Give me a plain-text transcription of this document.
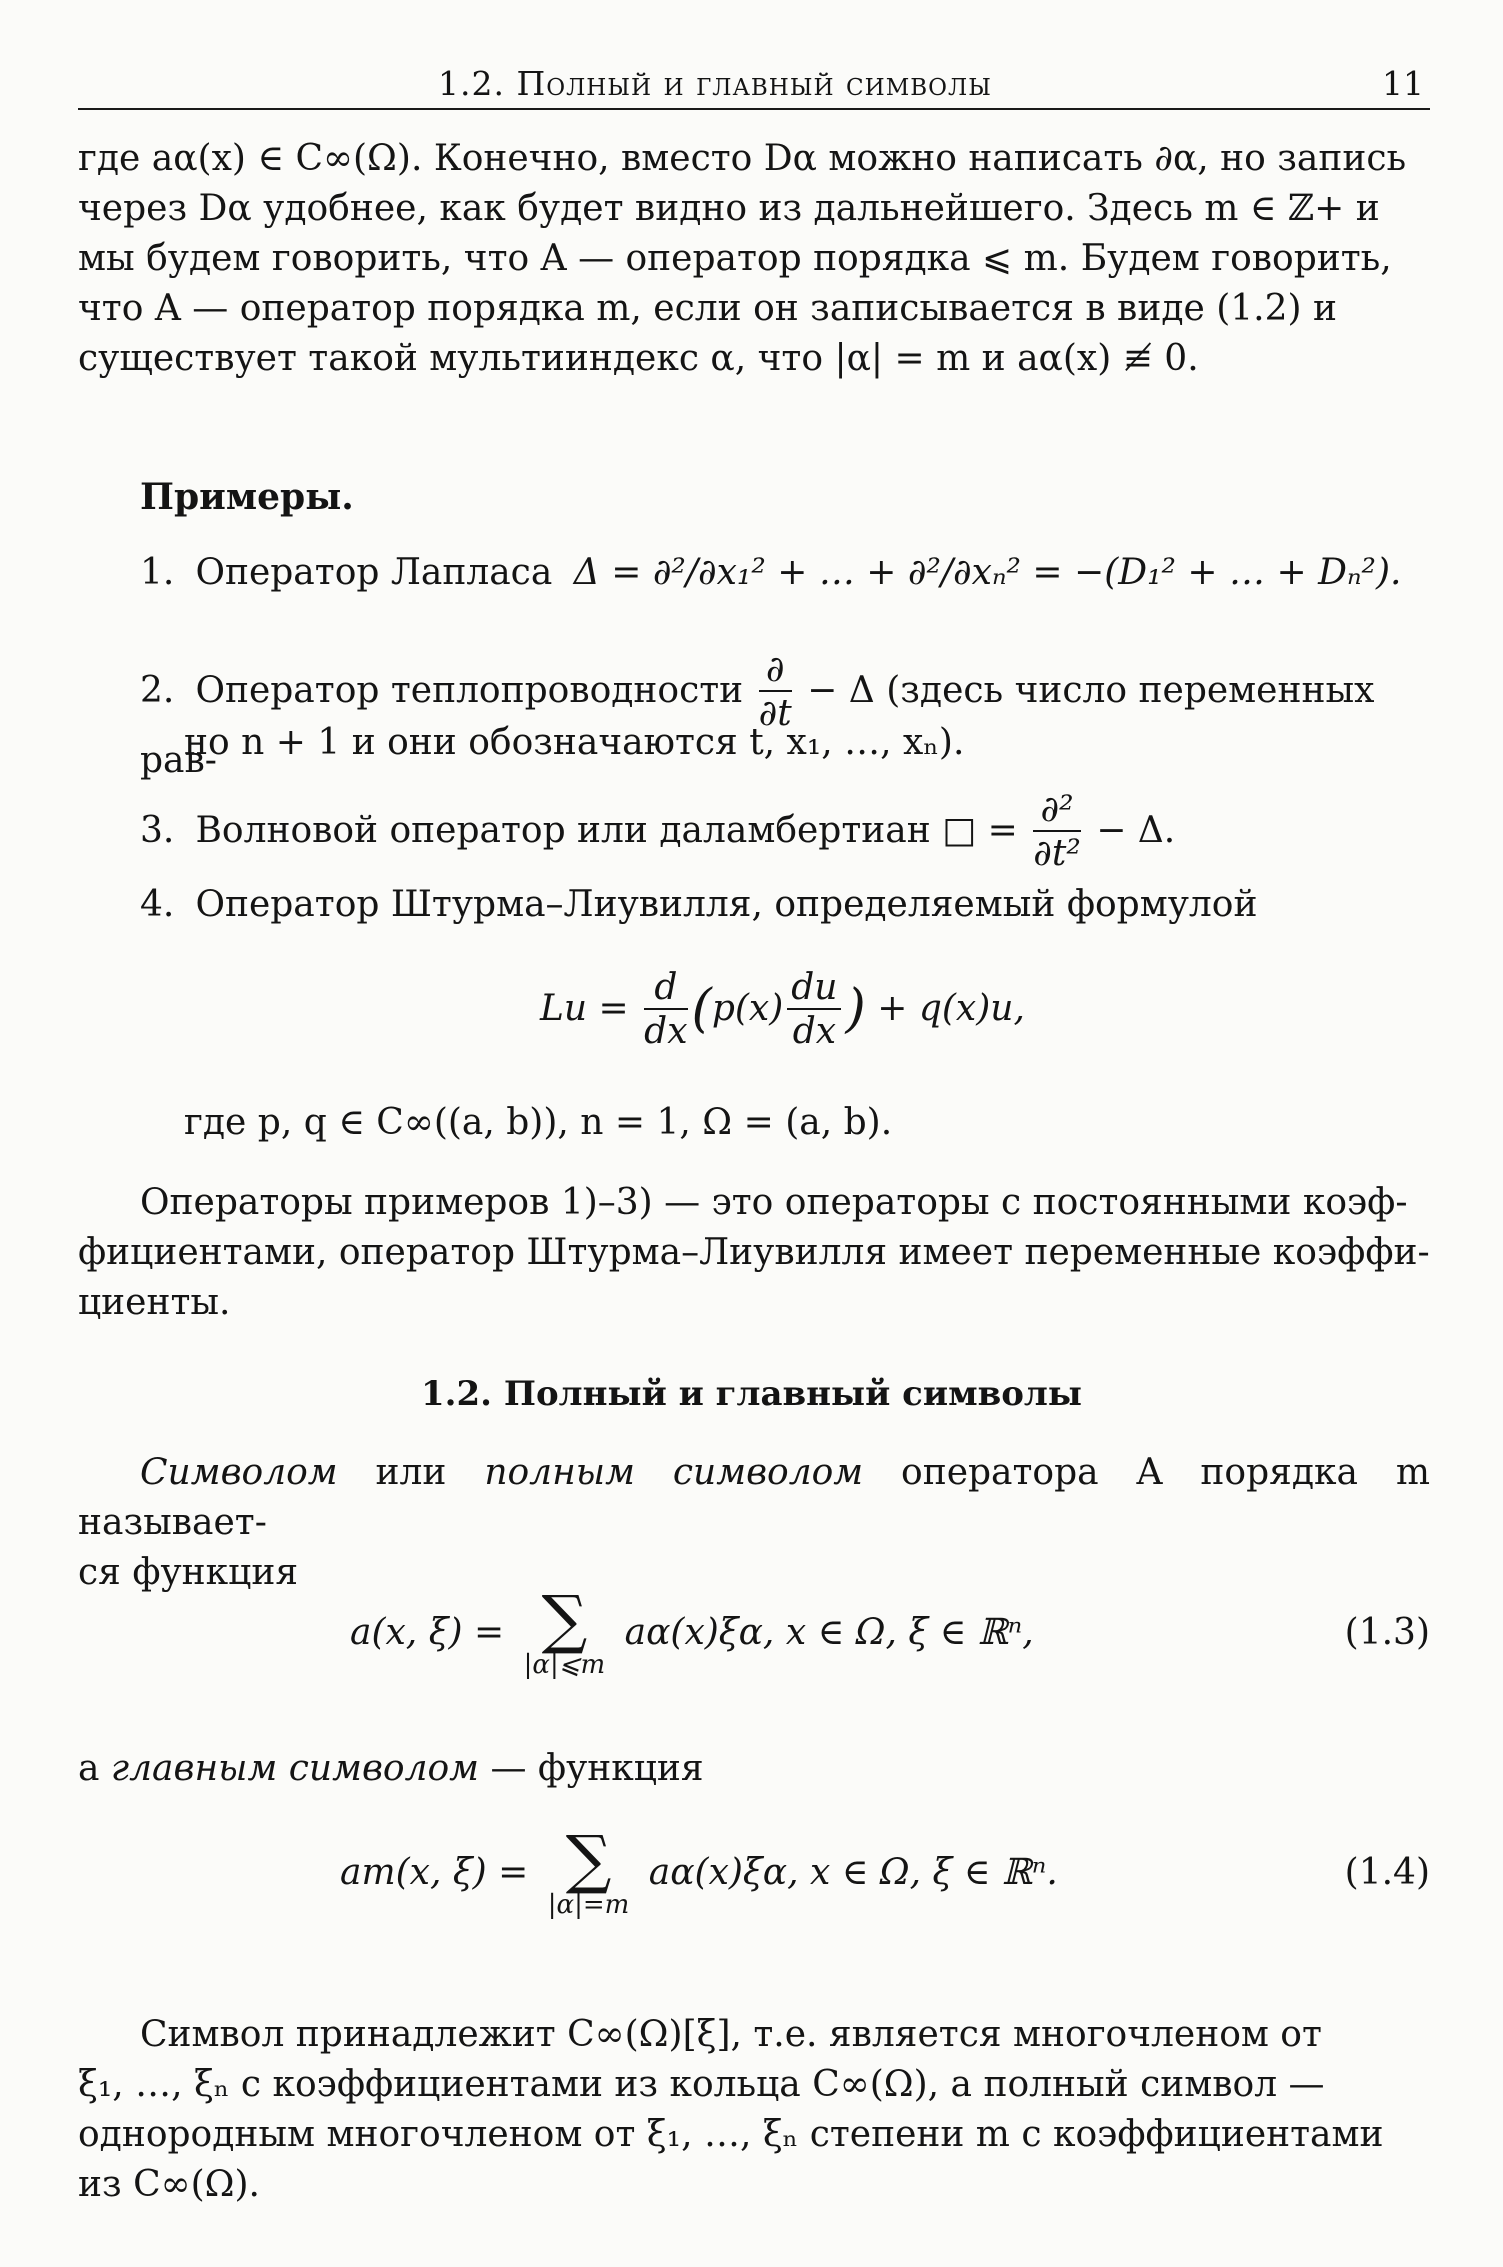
1.2. Полный и главный символы	11
где aα(x) ∈ C∞(Ω). Конечно, вместо Dα можно написать ∂α, но запись
через Dα удобнее, как будет видно из дальнейшего. Здесь m ∈ ℤ+ и
мы будем говорить, что A — оператор порядка ⩽ m. Будем говорить,
что A — оператор порядка m, если он записывается в виде (1.2) и
существует такой мультииндекс α, что |α| = m и aα(x) ≢ 0.
Примеры.
1. Оператор Лапласа Δ = ∂²/∂x₁² + … + ∂²/∂xₙ² = −(D₁² + … + Dₙ²).
2. Оператор теплопроводности $\frac{\partial}{\partial t} - \Delta$ (здесь число переменных рав-
но n + 1 и они обозначаются t, x₁, …, xₙ).
3. Волновой оператор или даламбертиан □ = $\frac{\text{∂²}}{\text{∂t²}} - \Delta$.
4. Оператор Штурма–Лиувилля, определяемый формулой
$Lu = \frac{d}{dx} (p(x) \frac{du}{dx}$ ) + q(x)u,
где p, q ∈ C∞((a, b)), n = 1, Ω = (a, b).
Операторы примеров 1)–3) — это операторы с постоянными коэф-
фициентами, оператор Штурма–Лиувилля имеет переменные коэффи-
циенты.
1.2. Полный и главный символы
Символом или полным символом оператора A порядка m называет-
ся функция
a(x, ξ) = ∑
|α|⩽m
aα(x)ξα, x ∈ Ω, ξ ∈ ℝⁿ,	(1.3)
а главным символом — функция
am(x, ξ) = ∑
|α|=m
aα(x)ξα, x ∈ Ω, ξ ∈ ℝⁿ.	(1.4)
Символ принадлежит C∞(Ω)[ξ], т.е. является многочленом от
ξ₁, …, ξₙ с коэффициентами из кольца C∞(Ω), а полный символ —
однородным многочленом от ξ₁, …, ξₙ степени m с коэффициентами
из C∞(Ω).
